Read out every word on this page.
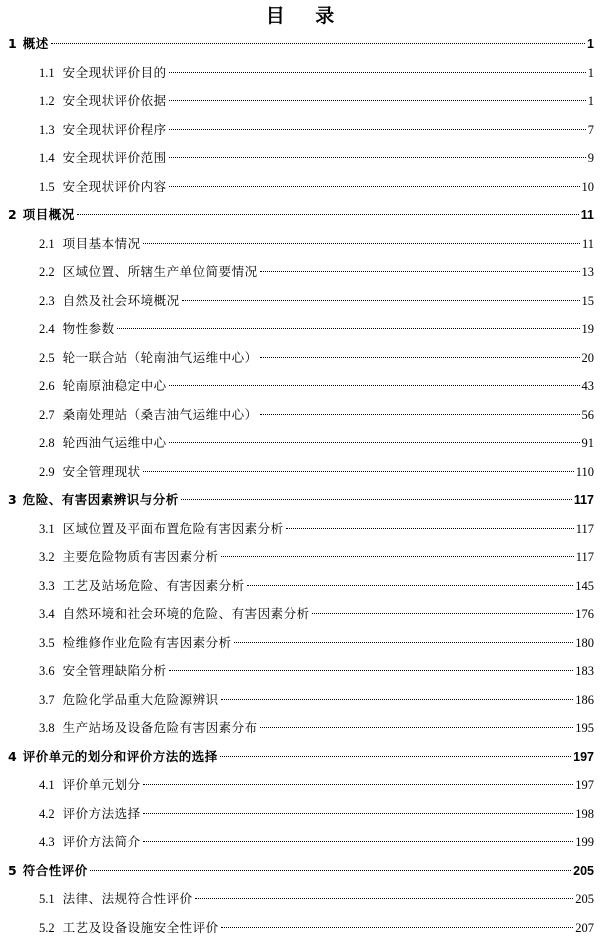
目 录
1 概述	1
1.1 安全现状评价目的	1
1.2 安全现状评价依据	1
1.3 安全现状评价程序	7
1.4 安全现状评价范围	9
1.5 安全现状评价内容	10
2 项目概况	11
2.1 项目基本情况	11
2.2 区域位置、所辖生产单位简要情况	13
2.3 自然及社会环境概况	15
2.4 物性参数	19
2.5 轮一联合站（轮南油气运维中心）	20
2.6 轮南原油稳定中心	43
2.7 桑南处理站（桑吉油气运维中心）	56
2.8 轮西油气运维中心	91
2.9 安全管理现状	110
3 危险、有害因素辨识与分析	117
3.1 区域位置及平面布置危险有害因素分析	117
3.2 主要危险物质有害因素分析	117
3.3 工艺及站场危险、有害因素分析	145
3.4 自然环境和社会环境的危险、有害因素分析	176
3.5 检维修作业危险有害因素分析	180
3.6 安全管理缺陷分析	183
3.7 危险化学品重大危险源辨识	186
3.8 生产站场及设备危险有害因素分布	195
4 评价单元的划分和评价方法的选择	197
4.1 评价单元划分	197
4.2 评价方法选择	198
4.3 评价方法简介	199
5 符合性评价	205
5.1 法律、法规符合性评价	205
5.2 工艺及设备设施安全性评价	207
